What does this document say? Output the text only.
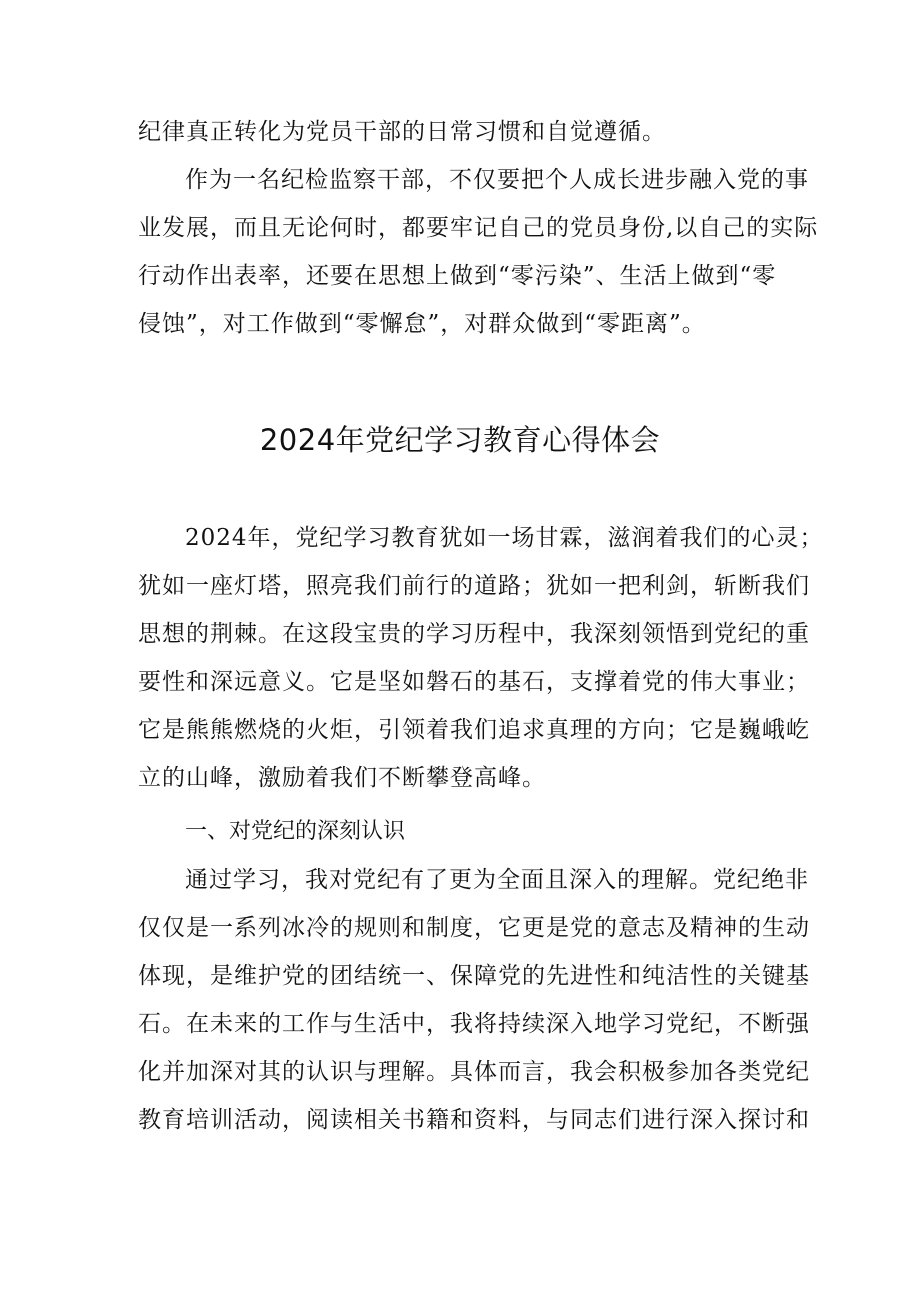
纪律真正转化为党员干部的日常习惯和自觉遵循。

作为一名纪检监察干部，不仅要把个人成长进步融入党的事
业发展，而且无论何时，都要牢记自己的党员身份,以自己的实际
行动作出表率，还要在思想上做到“零污染”、生活上做到“零
侵蚀”，对工作做到“零懈怠”，对群众做到“零距离”。

2024年党纪学习教育心得体会

2024年，党纪学习教育犹如一场甘霖，滋润着我们的心灵；
犹如一座灯塔，照亮我们前行的道路；犹如一把利剑，斩断我们
思想的荆棘。在这段宝贵的学习历程中，我深刻领悟到党纪的重
要性和深远意义。它是坚如磐石的基石，支撑着党的伟大事业；
它是熊熊燃烧的火炬，引领着我们追求真理的方向；它是巍峨屹
立的山峰，激励着我们不断攀登高峰。

一、对党纪的深刻认识

通过学习，我对党纪有了更为全面且深入的理解。党纪绝非
仅仅是一系列冰冷的规则和制度，它更是党的意志及精神的生动
体现，是维护党的团结统一、保障党的先进性和纯洁性的关键基
石。在未来的工作与生活中，我将持续深入地学习党纪，不断强
化并加深对其的认识与理解。具体而言，我会积极参加各类党纪
教育培训活动，阅读相关书籍和资料，与同志们进行深入探讨和
